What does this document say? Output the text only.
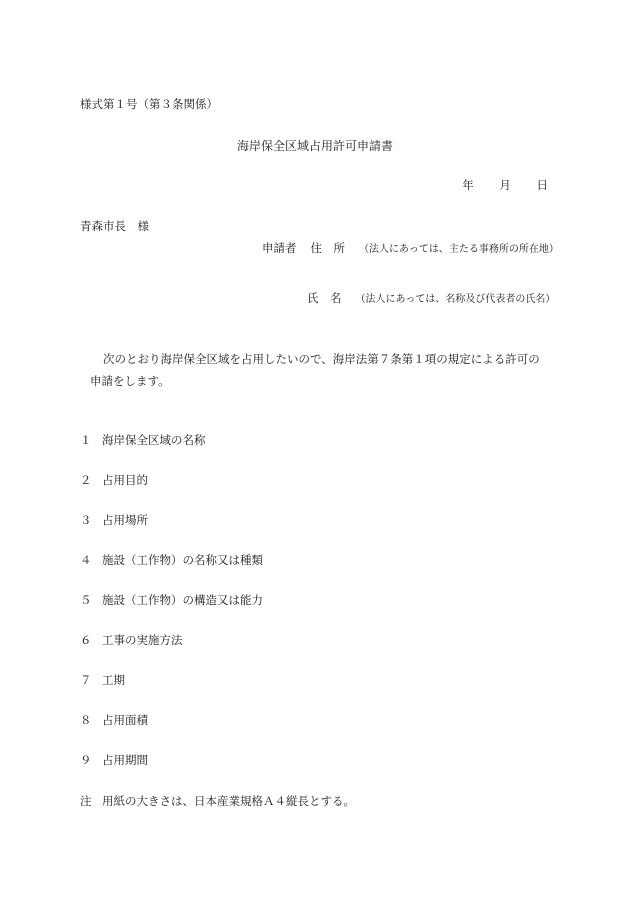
様式第１号（第３条関係）
海岸保全区域占用許可申請書
年 月 日
青森市長　様
申請者 住　所 （法人にあっては、主たる事務所の所在地）
氏　名 （法人にあっては、名称及び代表者の氏名）
次のとおり海岸保全区域を占用したいので、海岸法第７条第１項の規定による許可の
申請をします。
１ 海岸保全区域の名称
２ 占用目的
３ 占用場所
４ 施設（工作物）の名称又は種類
５ 施設（工作物）の構造又は能力
６ 工事の実施方法
７ 工期
８ 占用面積
９ 占用期間
注 用紙の大きさは、日本産業規格Ａ４縦長とする。
